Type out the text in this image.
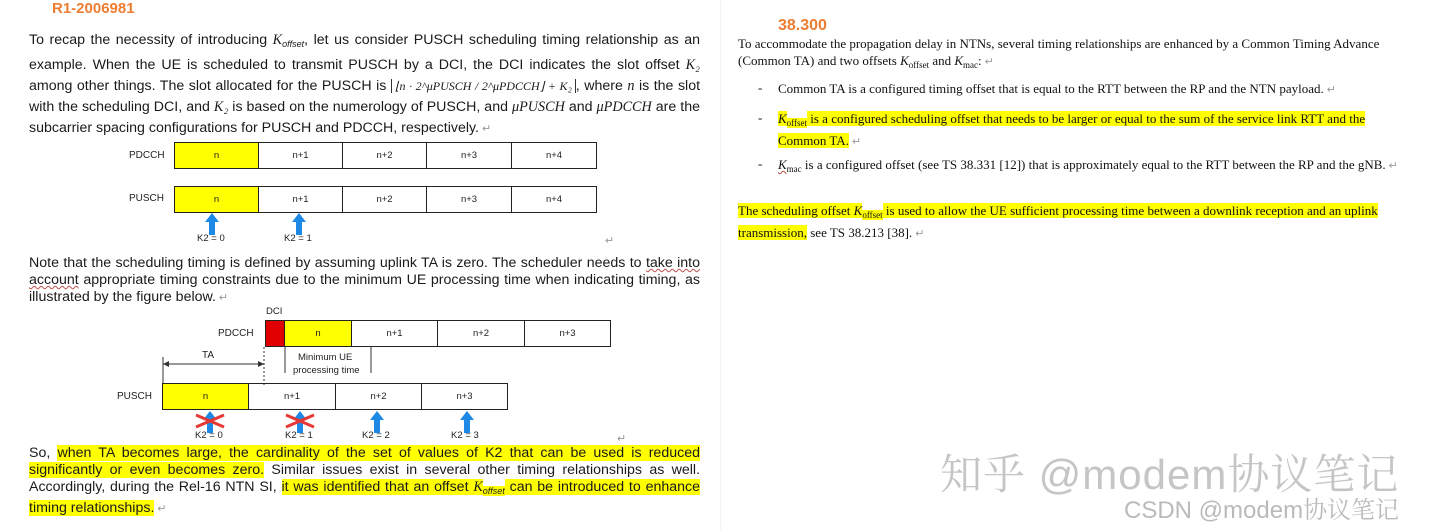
R1-2006981
To recap the necessity of introducing $K_{offset}$, let us consider PUSCH scheduling timing relationship as an example. When the UE is scheduled to transmit PUSCH by a DCI, the DCI indicates the slot offset K₂ among other things. The slot allocated for the PUSCH is ⌊n · 2^μPUSCH / 2^μPDCCH⌋ + K₂ , where n is the slot with the scheduling DCI, and K₂ is based on the numerology of PUSCH, and μPUSCH and μPDCCH are the subcarrier spacing configurations for PUSCH and PDCCH, respectively. ↵
PDCCH	n	n+1	n+2	n+3	n+4
PUSCH	n	n+1	n+2	n+3	n+4
K2 = 0	K2 = 1	↵
Note that the scheduling timing is defined by assuming uplink TA is zero. The scheduler needs to take into account appropriate timing constraints due to the minimum UE processing time when indicating timing, as illustrated by the figure below. ↵
DCI
PDCCH	n	n+1	n+2	n+3
TA	Minimum UE
processing time
PUSCH	n	n+1	n+2	n+3
K2 = 0	K2 = 1	K2 = 2	K2 = 3	↵
So, when TA becomes large, the cardinality of the set of values of K2 that can be used is reduced significantly or even becomes zero. Similar issues exist in several other timing relationships as well. Accordingly, during the Rel-16 NTN SI, it was identified that an offset $K_{offset}$ can be introduced to enhance timing relationships. ↵
38.300
To accommodate the propagation delay in NTNs, several timing relationships are enhanced by a Common Timing Advance (Common TA) and two offsets $K_{offset}$ and $K_{mac}$: ↵
- Common TA is a configured timing offset that is equal to the RTT between the RP and the NTN payload. ↵
- $K_{offset}$ is a configured scheduling offset that needs to be larger or equal to the sum of the service link RTT and the Common TA. ↵
- $K_{mac}$ is a configured offset (see TS 38.331 [12]) that is approximately equal to the RTT between the RP and the gNB. ↵
The scheduling offset $K_{offset}$ is used to allow the UE sufficient processing time between a downlink reception and an uplink transmission, see TS 38.213 [38]. ↵
知乎 @modem协议笔记
CSDN @modem协议笔记
